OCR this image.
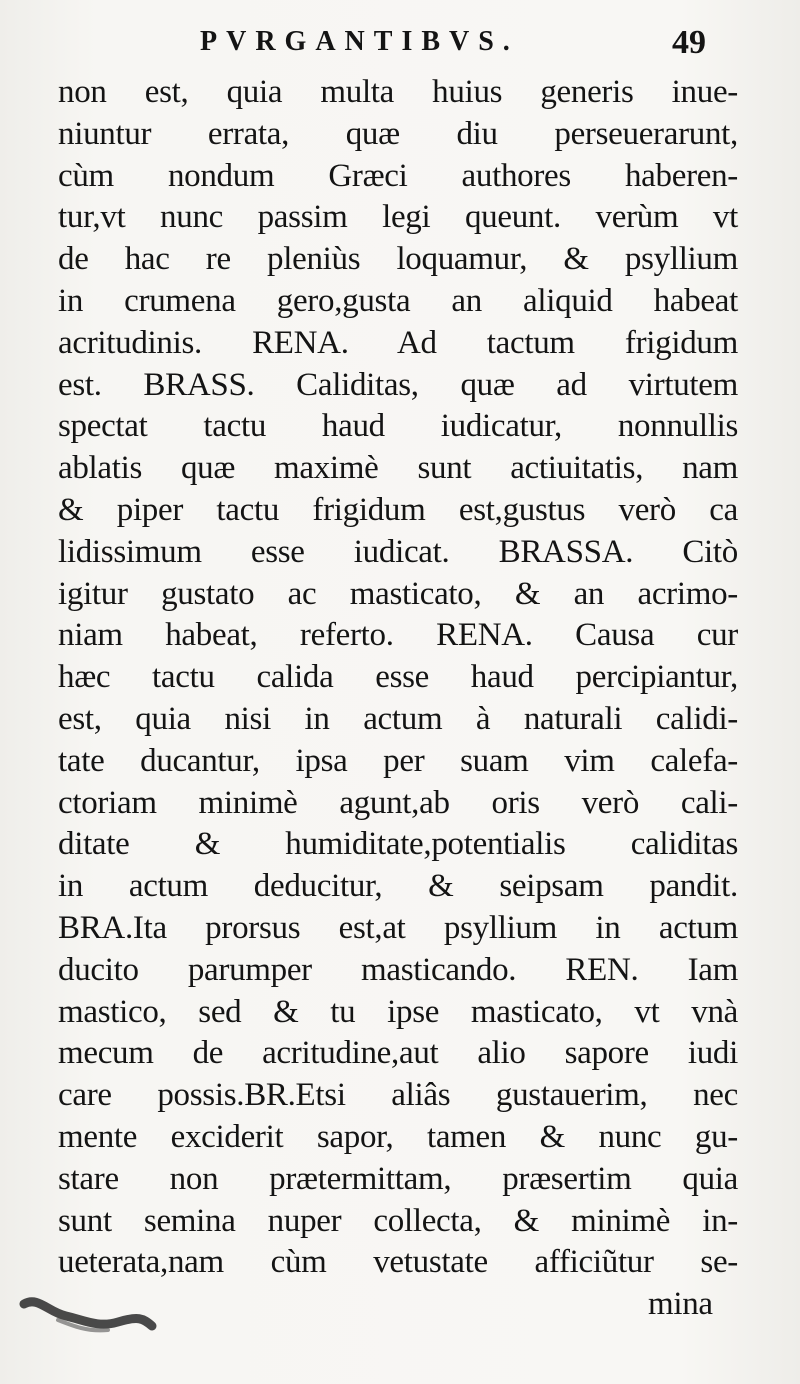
PVRGANTIBVS.	49
non est, quia multa huius generis inue-
niuntur errata, quæ diu perseuerarunt,
cùm nondum Græci authores haberen-
tur,vt nunc passim legi queunt. verùm vt
de hac re pleniùs loquamur, & psyllium
in crumena gero,gusta an aliquid habeat
acritudinis. RENA. Ad tactum frigidum
est. BRASS. Caliditas, quæ ad virtutem
spectat tactu haud iudicatur, nonnullis
ablatis quæ maximè sunt actiuitatis, nam
& piper tactu frigidum est,gustus verò ca
lidissimum esse iudicat. BRASSA. Citò
igitur gustato ac masticato, & an acrimo-
niam habeat, referto. RENA. Causa cur
hæc tactu calida esse haud percipiantur,
est, quia nisi in actum à naturali calidi-
tate ducantur, ipsa per suam vim calefa-
ctoriam minimè agunt,ab oris verò cali-
ditate & humiditate,potentialis caliditas
in actum deducitur, & seipsam pandit.
BRA.Ita prorsus est,at psyllium in actum
ducito parumper masticando. REN. Iam
mastico, sed & tu ipse masticato, vt vnà
mecum de acritudine,aut alio sapore iudi
care possis.BR.Etsi aliâs gustauerim, nec
mente exciderit sapor, tamen & nunc gu-
stare non prætermittam, præsertim quia
sunt semina nuper collecta, & minimè in-
ueterata,nam cùm vetustate afficiũtur se-
mina
